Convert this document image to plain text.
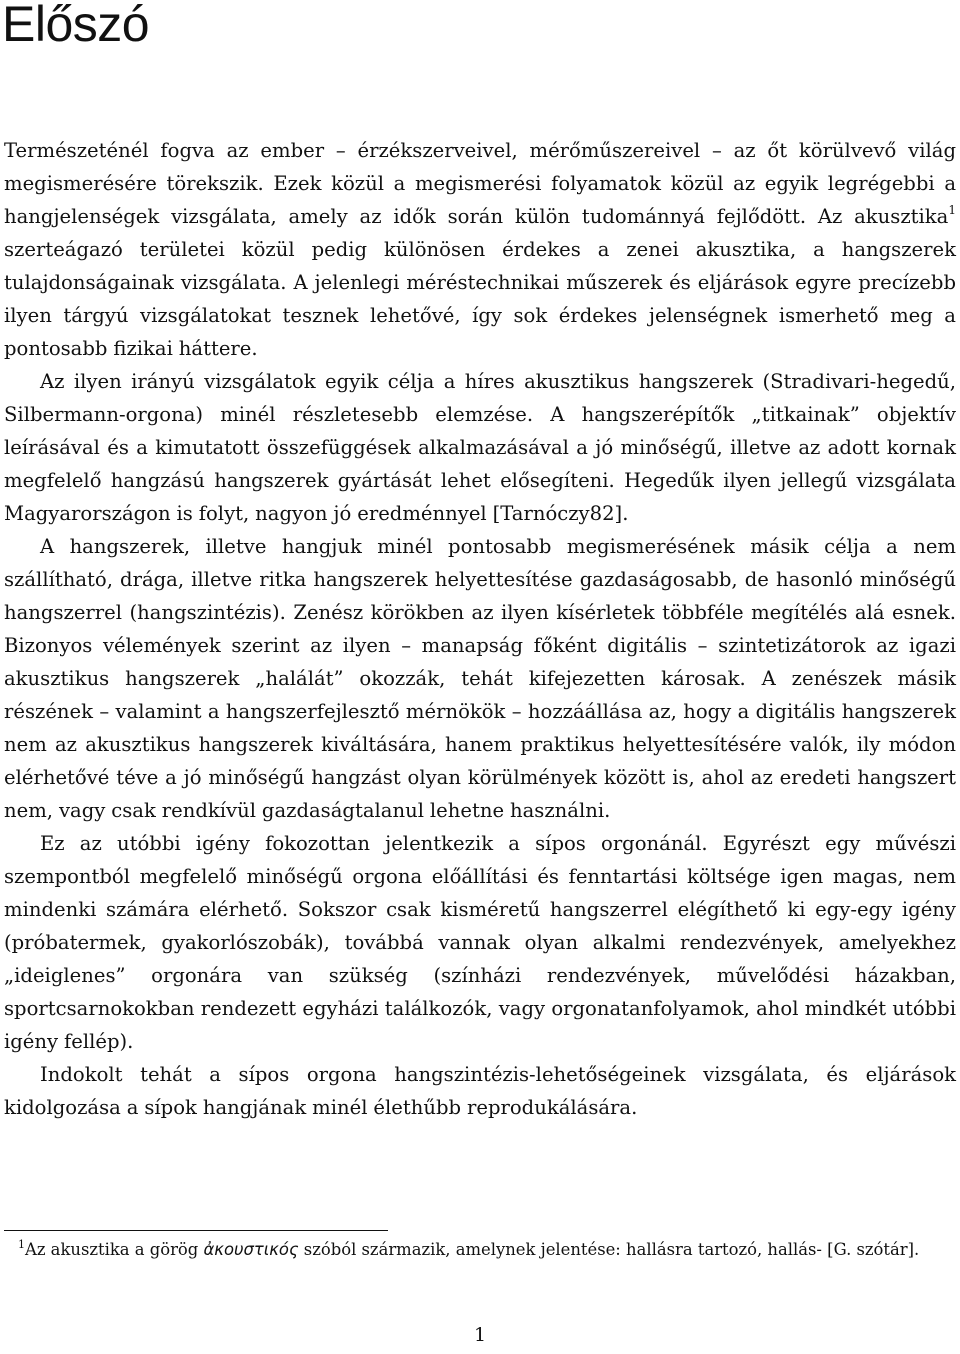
Előszó

Természeténél fogva az ember – érzékszerveivel, mérőműszereivel – az őt körülvevő világ megismerésére törekszik. Ezek közül a megismerési folyamatok közül az egyik legrégebbi a hangjelenségek vizsgálata, amely az idők során külön tudománnyá fejlődött. Az akusztika$^1$ szerteágazó területei közül pedig különösen érdekes a zenei akusztika, a hangszerek tulajdonságainak vizsgálata. A jelenlegi méréstechnikai műszerek és eljárások egyre precízebb ilyen tárgyú vizsgálatokat tesznek lehetővé, így sok érdekes jelenségnek ismerhető meg a pontosabb fizikai háttere.

Az ilyen irányú vizsgálatok egyik célja a híres akusztikus hangszerek (Stradivari-hegedű, Silbermann-orgona) minél részletesebb elemzése. A hangszerépítők „titkainak” objektív leírásával és a kimutatott összefüggések alkalmazásával a jó minőségű, illetve az adott kornak megfelelő hangzású hangszerek gyártását lehet elősegíteni. Hegedűk ilyen jellegű vizsgálata Magyarországon is folyt, nagyon jó eredménnyel [Tarnóczy82].

A hangszerek, illetve hangjuk minél pontosabb megismerésének másik célja a nem szállítható, drága, illetve ritka hangszerek helyettesítése gazdaságosabb, de hasonló minőségű hangszerrel (hangszintézis). Zenész körökben az ilyen kísérletek többféle megítélés alá esnek. Bizonyos vélemények szerint az ilyen – manapság főként digitális – szintetizátorok az igazi akusztikus hangszerek „halálát” okozzák, tehát kifejezetten károsak. A zenészek másik részének – valamint a hangszerfejlesztő mérnökök – hozzáállása az, hogy a digitális hangszerek nem az akusztikus hangszerek kiváltására, hanem praktikus helyettesítésére valók, ily módon elérhetővé téve a jó minőségű hangzást olyan körülmények között is, ahol az eredeti hangszert nem, vagy csak rendkívül gazdaságtalanul lehetne használni.

Ez az utóbbi igény fokozottan jelentkezik a sípos orgonánál. Egyrészt egy művészi szempontból megfelelő minőségű orgona előállítási és fenntartási költsége igen magas, nem mindenki számára elérhető. Sokszor csak kisméretű hangszerrel elégíthető ki egy-egy igény (próbatermek, gyakorlószobák), továbbá vannak olyan alkalmi rendezvények, amelyekhez „ideiglenes” orgonára van szükség (színházi rendezvények, művelődési házakban, sportcsarnokokban rendezett egyházi találkozók, vagy orgonatanfolyamok, ahol mindkét utóbbi igény fellép).

Indokolt tehát a sípos orgona hangszintézis-lehetőségeinek vizsgálata, és eljárások kidolgozása a sípok hangjának minél élethűbb reprodukálására.

$^1$Az akusztika a görög ἀκουστικός szóból származik, amelynek jelentése: hallásra tartozó, hallás- [G. szótár].

1
